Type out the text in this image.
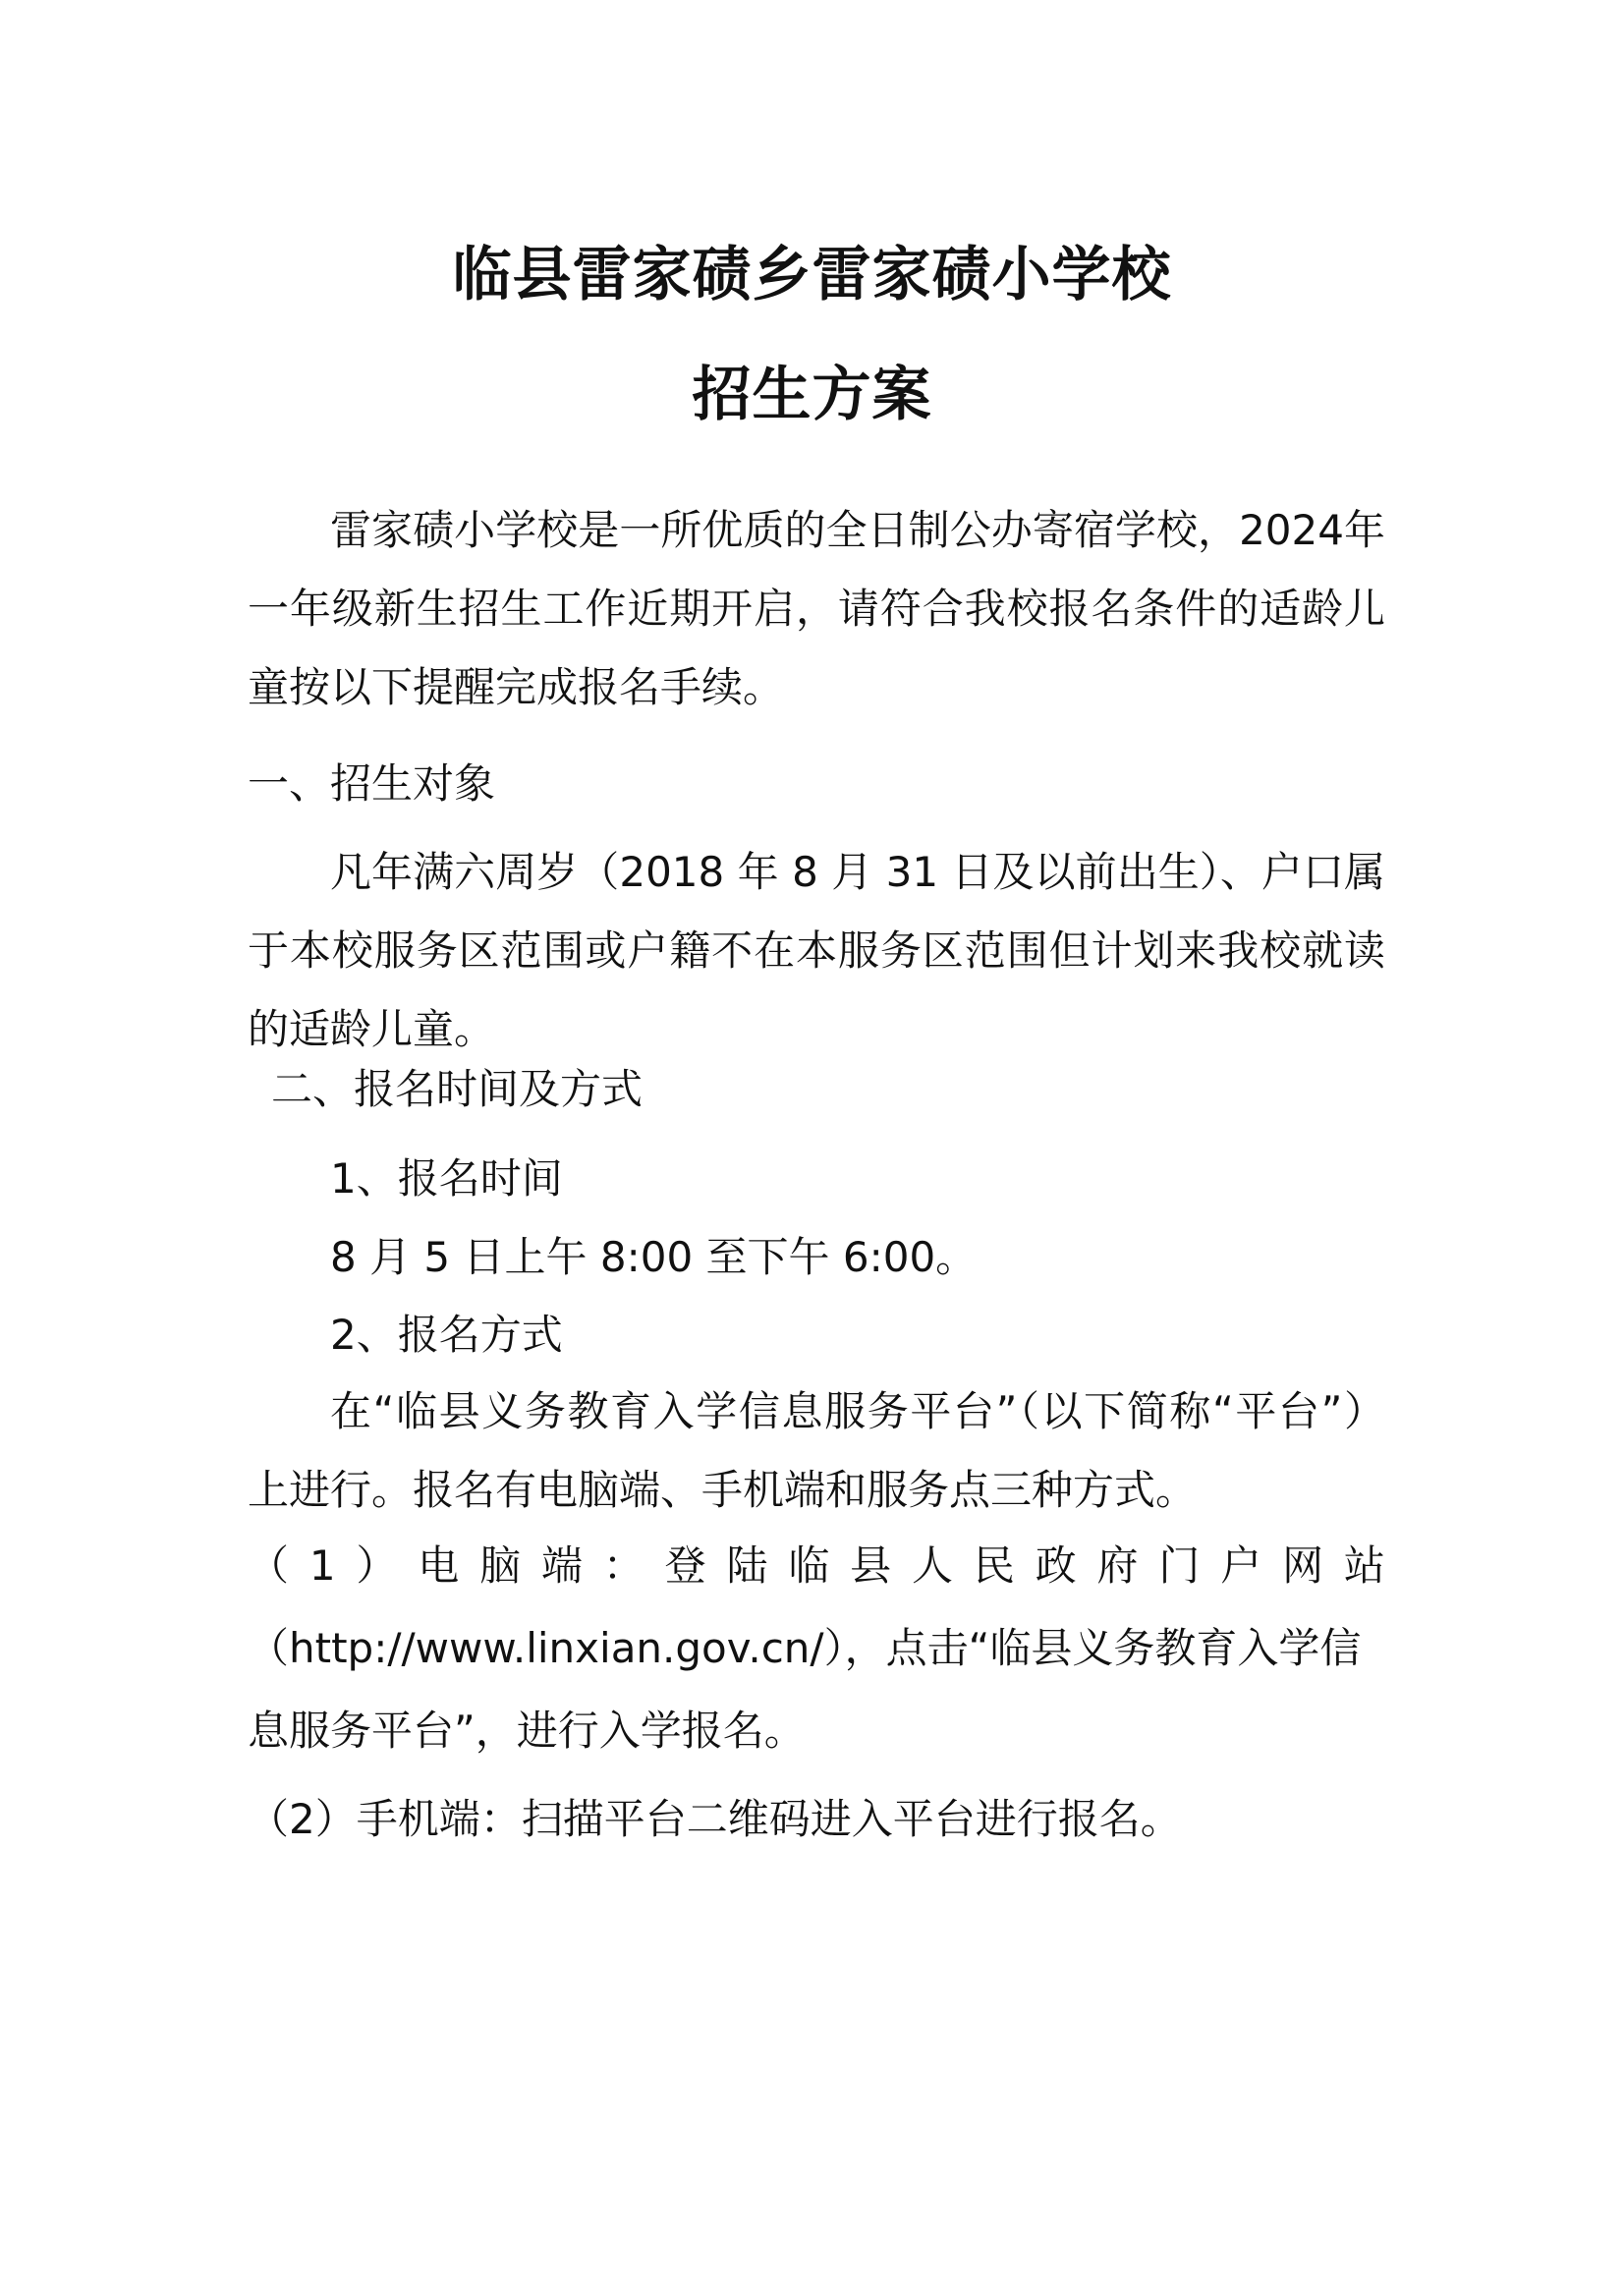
临县雷家碛乡雷家碛小学校
招生方案

雷家碛小学校是一所优质的全日制公办寄宿学校，2024年一年级新生招生工作近期开启，请符合我校报名条件的适龄儿童按以下提醒完成报名手续。

一、招生对象

凡年满六周岁（2018 年 8 月 31 日及以前出生）、户口属于本校服务区范围或户籍不在本服务区范围但计划来我校就读的适龄儿童。

二、报名时间及方式
1、报名时间
8 月 5 日上午 8:00 至下午 6:00。
2、报名方式

在“临县义务教育入学信息服务平台”（以下简称“平台”）上进行。报名有电脑端、手机端和服务点三种方式。

（ 1 ） 电 脑 端 ： 登 陆 临 县 人 民 政 府 门 户 网 站
（http://www.linxian.gov.cn/），点击“临县义务教育入学信
息服务平台”，进行入学报名。
（2）手机端：扫描平台二维码进入平台进行报名。
